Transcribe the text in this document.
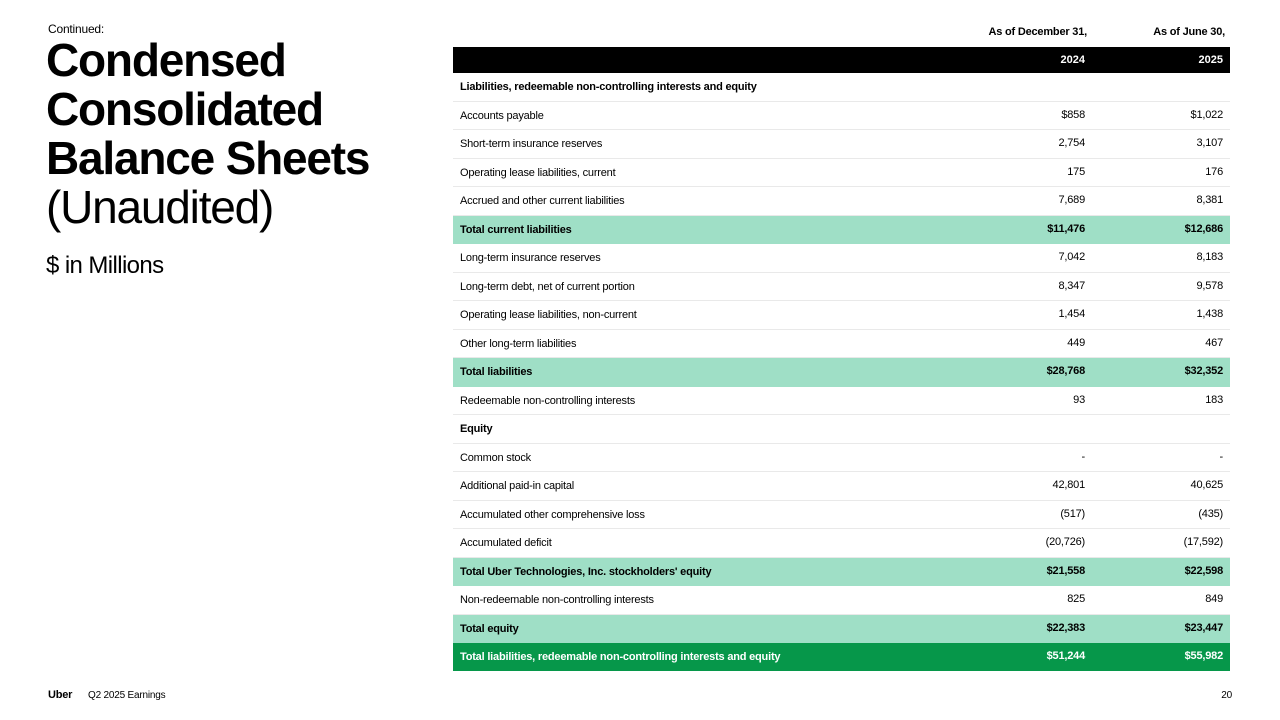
Continued:
Condensed
Consolidated
Balance Sheets
(Unaudited)
$ in Millions
As of December 31,	As of June 30,
2024	2025
Liabilities, redeemable non-controlling interests and equity
Accounts payable	$858	$1,022
Short-term insurance reserves	2,754	3,107
Operating lease liabilities, current	175	176
Accrued and other current liabilities	7,689	8,381
Total current liabilities	$11,476	$12,686
Long-term insurance reserves	7,042	8,183
Long-term debt, net of current portion	8,347	9,578
Operating lease liabilities, non-current	1,454	1,438
Other long-term liabilities	449	467
Total liabilities	$28,768	$32,352
Redeemable non-controlling interests	93	183
Equity
Common stock	-	-
Additional paid-in capital	42,801	40,625
Accumulated other comprehensive loss	(517)	(435)
Accumulated deficit	(20,726)	(17,592)
Total Uber Technologies, Inc. stockholders' equity	$21,558	$22,598
Non-redeemable non-controlling interests	825	849
Total equity	$22,383	$23,447
Total liabilities, redeemable non-controlling interests and equity	$51,244	$55,982
Uber Q2 2025 Earnings	20
